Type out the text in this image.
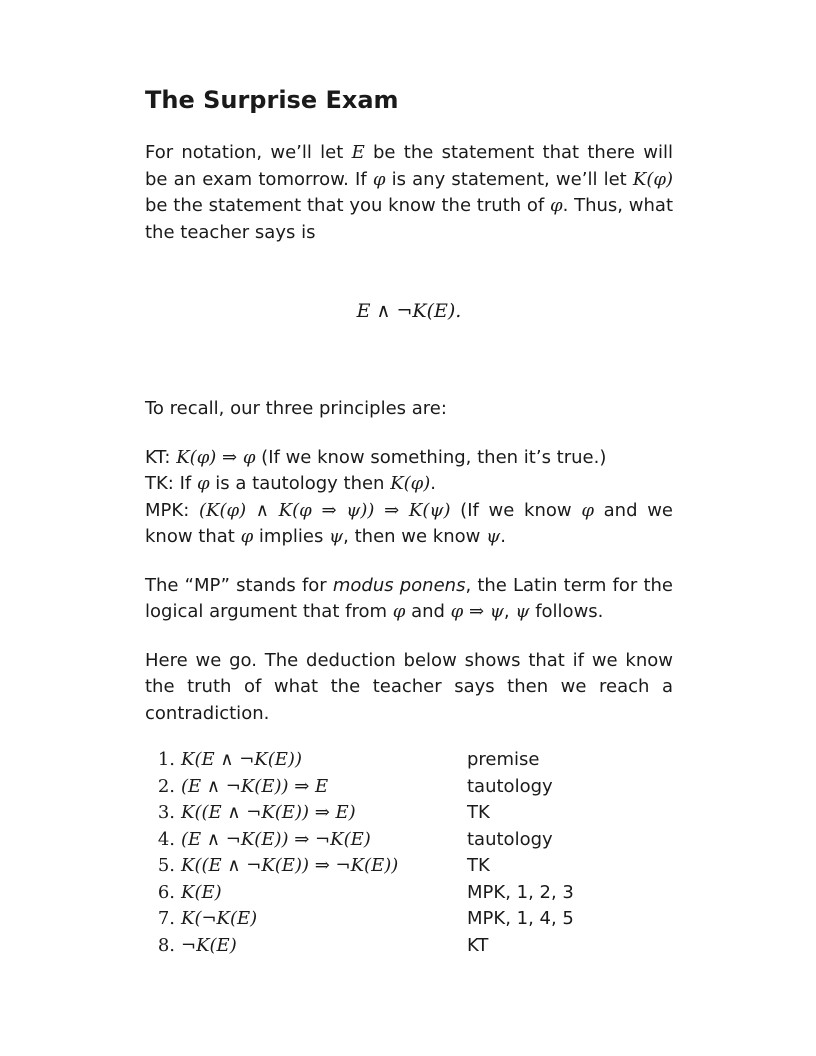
The Surprise Exam

For notation, we’ll let E be the statement that there will be an exam tomorrow. If φ is any statement, we’ll let K(φ) be the statement that you know the truth of φ. Thus, what the teacher says is

E ∧ ¬K(E).

To recall, our three principles are:

KT: K(φ) ⇒ φ (If we know something, then it’s true.)
TK: If φ is a tautology then K(φ).
MPK: (K(φ) ∧ K(φ ⇒ ψ)) ⇒ K(ψ) (If we know φ and we know that φ implies ψ, then we know ψ.

The “MP” stands for modus ponens, the Latin term for the logical argument that from φ and φ ⇒ ψ, ψ follows.

Here we go. The deduction below shows that if we know the truth of what the teacher says then we reach a contradiction.

1. K(E ∧ ¬K(E))	premise
2. (E ∧ ¬K(E)) ⇒ E	tautology
3. K((E ∧ ¬K(E)) ⇒ E)	TK
4. (E ∧ ¬K(E)) ⇒ ¬K(E)	tautology
5. K((E ∧ ¬K(E)) ⇒ ¬K(E))	TK
6. K(E)	MPK, 1, 2, 3
7. K(¬K(E)	MPK, 1, 4, 5
8. ¬K(E)	KT
